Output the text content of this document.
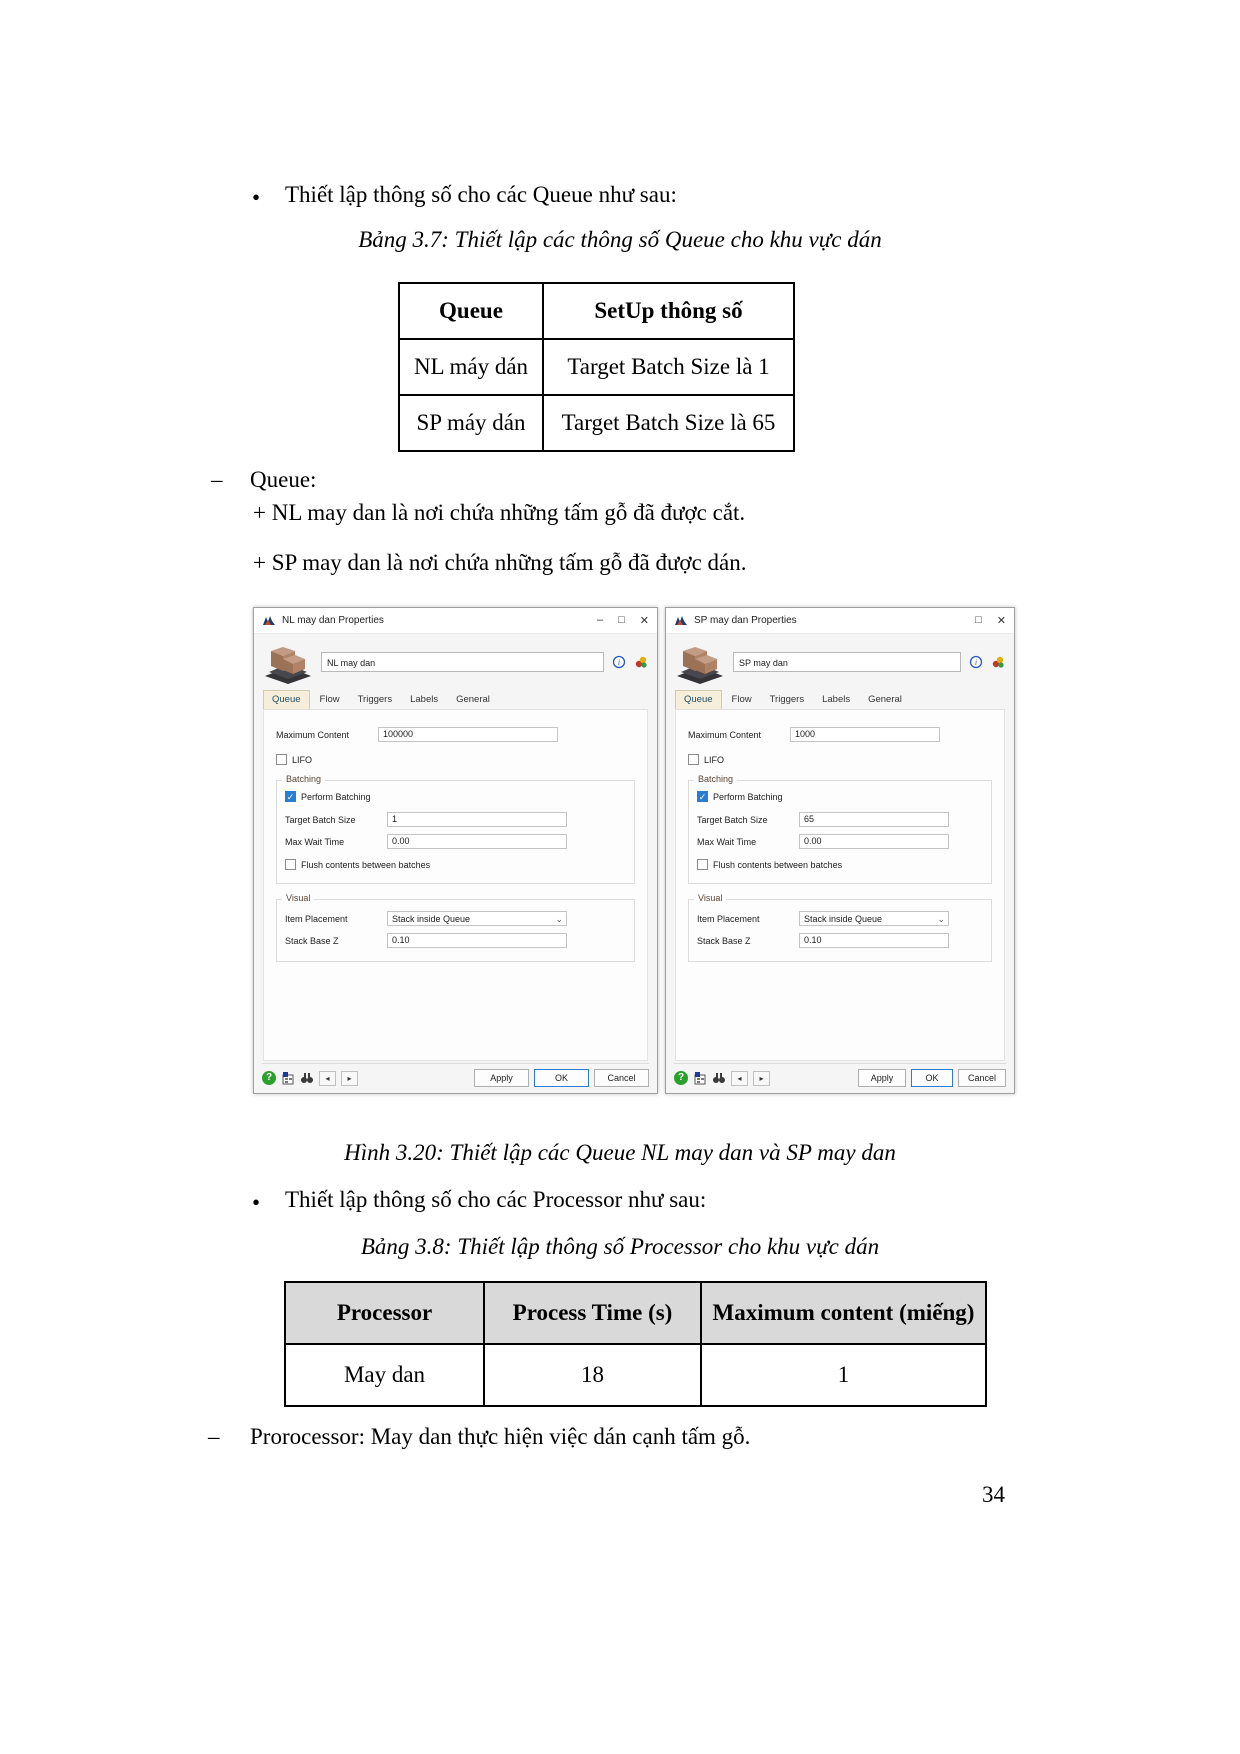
• Thiết lập thông số cho các Queue như sau:
Bảng 3.7: Thiết lập các thông số Queue cho khu vực dán
Queue	SetUp thông số
NL máy dán	Target Batch Size là 1
SP máy dán	Target Batch Size là 65
– Queue:
+ NL may dan là nơi chứa những tấm gỗ đã được cắt.
+ SP may dan là nơi chứa những tấm gỗ đã được dán.
NL may dan Properties	– □ ✕
NL may dan	i
Queue	Flow	Triggers	Labels	General
Maximum Content	100000
LIFO
Batching
✓
Perform Batching
Target Batch Size	1
Max Wait Time	0.00
Flush contents between batches
Visual
Item Placement	Stack inside Queue
⌄
Stack Base Z	0.10
?
◂
▸
Apply	OK	Cancel
SP may dan Properties	□ ✕
SP may dan	i
Queue	Flow	Triggers	Labels	General
Maximum Content	1000
LIFO
Batching
✓
Perform Batching
Target Batch Size	65
Max Wait Time	0.00
Flush contents between batches
Visual
Item Placement	Stack inside Queue
⌄
Stack Base Z	0.10
?
◂
▸
Apply	OK	Cancel
Hình 3.20: Thiết lập các Queue NL may dan và SP may dan
• Thiết lập thông số cho các Processor như sau:
Bảng 3.8: Thiết lập thông số Processor cho khu vực dán
Processor	Process Time (s)	Maximum content (miếng)
May dan	18	1
– Prorocessor: May dan thực hiện việc dán cạnh tấm gỗ.
34
